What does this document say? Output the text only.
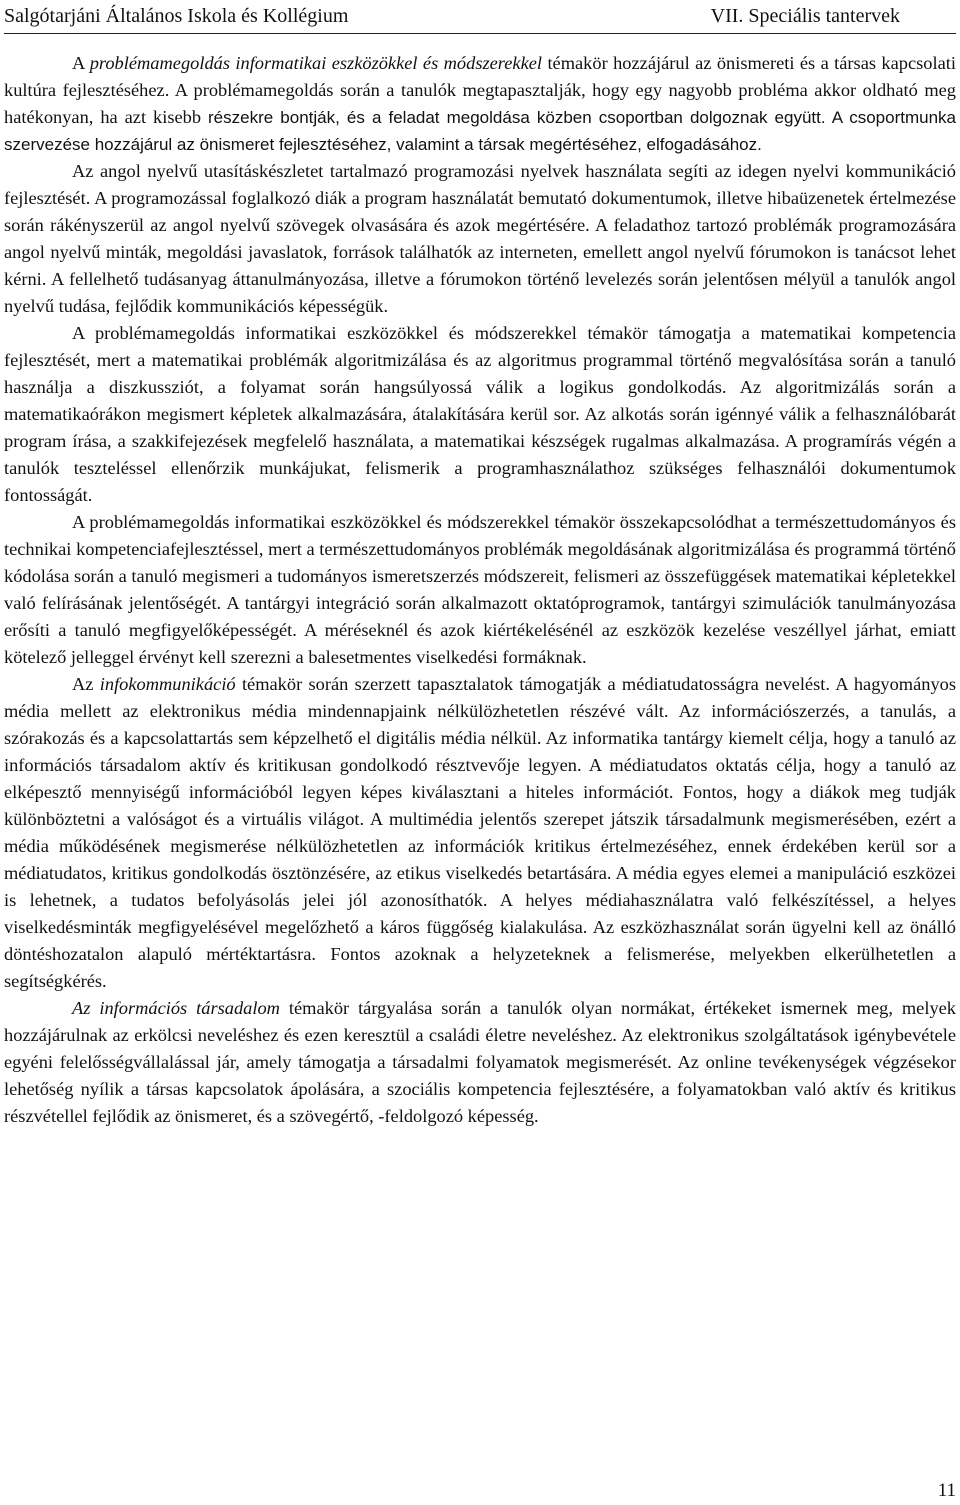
Salgótarjáni Általános Iskola és Kollégium	VII. Speciális tantervek

A problémamegoldás informatikai eszközökkel és módszerekkel témakör hozzájárul az önismereti és a társas kapcsolati kultúra fejlesztéséhez. A problémamegoldás során a tanulók megtapasztalják, hogy egy nagyobb probléma akkor oldható meg hatékonyan, ha azt kisebb részekre bontják, és a feladat megoldása közben csoportban dolgoznak együtt. A csoportmunka szervezése hozzájárul az önismeret fejlesztéséhez, valamint a társak megértéséhez, elfogadásához.

Az angol nyelvű utasításkészletet tartalmazó programozási nyelvek használata segíti az idegen nyelvi kommunikáció fejlesztését. A programozással foglalkozó diák a program használatát bemutató dokumentumok, illetve hibaüzenetek értelmezése során rákényszerül az angol nyelvű szövegek olvasására és azok megértésére. A feladathoz tartozó problémák programozására angol nyelvű minták, megoldási javaslatok, források találhatók az interneten, emellett angol nyelvű fórumokon is tanácsot lehet kérni. A fellelhető tudásanyag áttanulmányozása, illetve a fórumokon történő levelezés során jelentősen mélyül a tanulók angol nyelvű tudása, fejlődik kommunikációs képességük.

A problémamegoldás informatikai eszközökkel és módszerekkel témakör támogatja a matematikai kompetencia fejlesztését, mert a matematikai problémák algoritmizálása és az algoritmus programmal történő megvalósítása során a tanuló használja a diszkussziót, a folyamat során hangsúlyossá válik a logikus gondolkodás. Az algoritmizálás során a matematikaórákon megismert képletek alkalmazására, átalakítására kerül sor. Az alkotás során igénnyé válik a felhasználóbarát program írása, a szakkifejezések megfelelő használata, a matematikai készségek rugalmas alkalmazása. A programírás végén a tanulók teszteléssel ellenőrzik munkájukat, felismerik a programhasználathoz szükséges felhasználói dokumentumok fontosságát.

A problémamegoldás informatikai eszközökkel és módszerekkel témakör összekapcsolódhat a természettudományos és technikai kompetenciafejlesztéssel, mert a természettudományos problémák megoldásának algoritmizálása és programmá történő kódolása során a tanuló megismeri a tudományos ismeretszerzés módszereit, felismeri az összefüggések matematikai képletekkel való felírásának jelentőségét. A tantárgyi integráció során alkalmazott oktatóprogramok, tantárgyi szimulációk tanulmányozása erősíti a tanuló megfigyelőképességét. A méréseknél és azok kiértékelésénél az eszközök kezelése veszéllyel járhat, emiatt kötelező jelleggel érvényt kell szerezni a balesetmentes viselkedési formáknak.

Az infokommunikáció témakör során szerzett tapasztalatok támogatják a médiatudatosságra nevelést. A hagyományos média mellett az elektronikus média mindennapjaink nélkülözhetetlen részévé vált. Az információszerzés, a tanulás, a szórakozás és a kapcsolattartás sem képzelhető el digitális média nélkül. Az informatika tantárgy kiemelt célja, hogy a tanuló az információs társadalom aktív és kritikusan gondolkodó résztvevője legyen. A médiatudatos oktatás célja, hogy a tanuló az elképesztő mennyiségű információból legyen képes kiválasztani a hiteles információt. Fontos, hogy a diákok meg tudják különböztetni a valóságot és a virtuális világot. A multimédia jelentős szerepet játszik társadalmunk megismerésében, ezért a média működésének megismerése nélkülözhetetlen az információk kritikus értelmezéséhez, ennek érdekében kerül sor a médiatudatos, kritikus gondolkodás ösztönzésére, az etikus viselkedés betartására. A média egyes elemei a manipuláció eszközei is lehetnek, a tudatos befolyásolás jelei jól azonosíthatók. A helyes médiahasználatra való felkészítéssel, a helyes viselkedésminták megfigyelésével megelőzhető a káros függőség kialakulása. Az eszközhasználat során ügyelni kell az önálló döntéshozatalon alapuló mértéktartásra. Fontos azoknak a helyzeteknek a felismerése, melyekben elkerülhetetlen a segítségkérés.

Az információs társadalom témakör tárgyalása során a tanulók olyan normákat, értékeket ismernek meg, melyek hozzájárulnak az erkölcsi neveléshez és ezen keresztül a családi életre neveléshez. Az elektronikus szolgáltatások igénybevétele egyéni felelősségvállalással jár, amely támogatja a társadalmi folyamatok megismerését. Az online tevékenységek végzésekor lehetőség nyílik a társas kapcsolatok ápolására, a szociális kompetencia fejlesztésére, a folyamatokban való aktív és kritikus részvétellel fejlődik az önismeret, és a szövegértő, -feldolgozó képesség.

11
